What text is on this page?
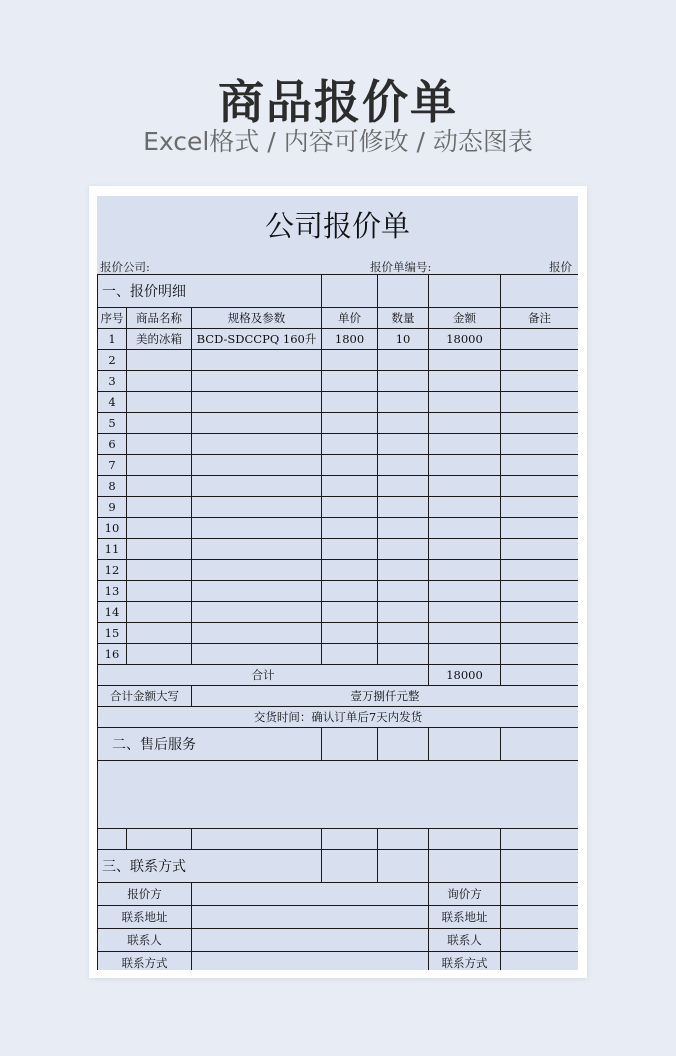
商品报价单
Excel格式 / 内容可修改 / 动态图表
公司报价单
报价公司:	报价单编号:	报价
一、报价明细						
序号	商品名称	规格及参数	单价	数量	金额	备注
1	美的冰箱	BCD-SDCCPQ 160升	1800	10	18000	
2						
3						
4						
5						
6						
7						
8						
9						
10						
11						
12						
13						
14						
15						
16						
合计					18000	
合计金额大写		壹万捌仟元整				
交货时间：确认订单后7天内发货						
二、售后服务						

三、联系方式						
报价方					询价方	
联系地址					联系地址	
联系人					联系人	
联系方式					联系方式	
